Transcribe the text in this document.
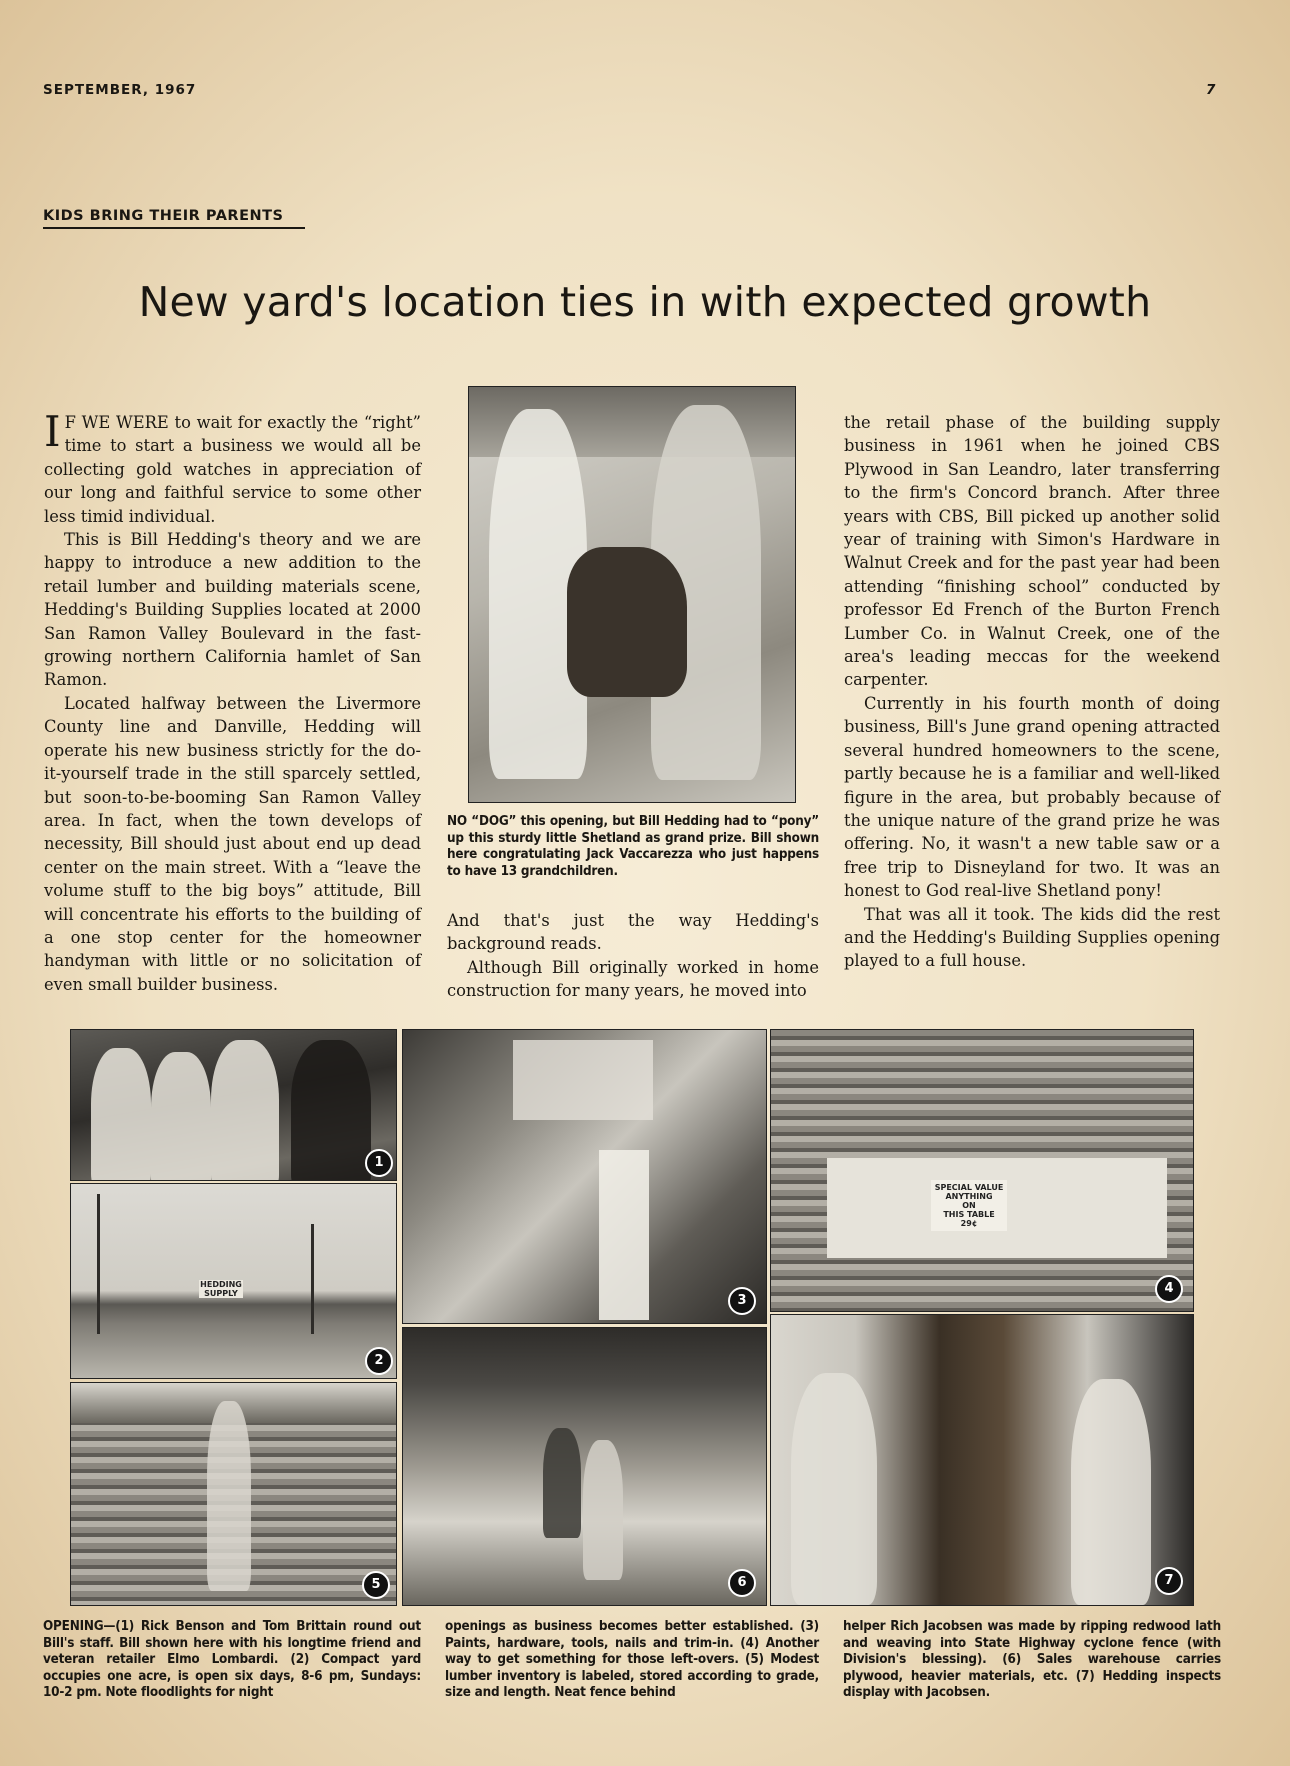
SEPTEMBER, 1967	7
KIDS BRING THEIR PARENTS
New yard's location ties in with expected growth

I F WE WERE to wait for exactly the “right” time to start a business we would all be collecting gold watches in appreciation of our long and faithful service to some other less timid individual.

This is Bill Hedding's theory and we are happy to introduce a new addition to the retail lumber and building materials scene, Hedding's Building Supplies located at 2000 San Ramon Valley Boulevard in the fast-growing northern California hamlet of San Ramon.

Located halfway between the Livermore County line and Danville, Hedding will operate his new business strictly for the do-it-yourself trade in the still sparcely settled, but soon-to-be-booming San Ramon Valley area. In fact, when the town develops of necessity, Bill should just about end up dead center on the main street. With a “leave the volume stuff to the big boys” attitude, Bill will concentrate his efforts to the building of a one stop center for the homeowner handyman with little or no solicitation of even small builder business.

NO “DOG” this opening, but Bill Hedding had to “pony” up this sturdy little Shetland as grand prize. Bill shown here congratulating Jack Vaccarezza who just happens to have 13 grandchildren.

And that's just the way Hedding's background reads.

Although Bill originally worked in home construction for many years, he moved into

the retail phase of the building supply business in 1961 when he joined CBS Plywood in San Leandro, later transferring to the firm's Concord branch. After three years with CBS, Bill picked up another solid year of training with Simon's Hardware in Walnut Creek and for the past year had been attending “finishing school” conducted by professor Ed French of the Burton French Lumber Co. in Walnut Creek, one of the area's leading meccas for the weekend carpenter.

Currently in his fourth month of doing business, Bill's June grand opening attracted several hundred homeowners to the scene, partly because he is a familiar and well-liked figure in the area, but probably because of the unique nature of the grand prize he was offering. No, it wasn't a new table saw or a free trip to Disneyland for two. It was an honest to God real-live Shetland pony!

That was all it took. The kids did the rest and the Hedding's Building Supplies opening played to a full house.

1
HEDDING SUPPLY
2
5
3
6
SPECIAL VALUE
ANYTHING
ON
THIS TABLE
29¢
4
7
OPENING—(1) Rick Benson and Tom Brittain round out Bill's staff. Bill shown here with his longtime friend and veteran retailer Elmo Lombardi. (2) Compact yard occupies one acre, is open six days, 8-6 pm, Sundays: 10-2 pm. Note floodlights for night
openings as business becomes better established. (3) Paints, hardware, tools, nails and trim-in. (4) Another way to get something for those left-overs. (5) Modest lumber inventory is labeled, stored according to grade, size and length. Neat fence behind
helper Rich Jacobsen was made by ripping redwood lath and weaving into State Highway cyclone fence (with Division's blessing). (6) Sales warehouse carries plywood, heavier materials, etc. (7) Hedding inspects display with Jacobsen.
